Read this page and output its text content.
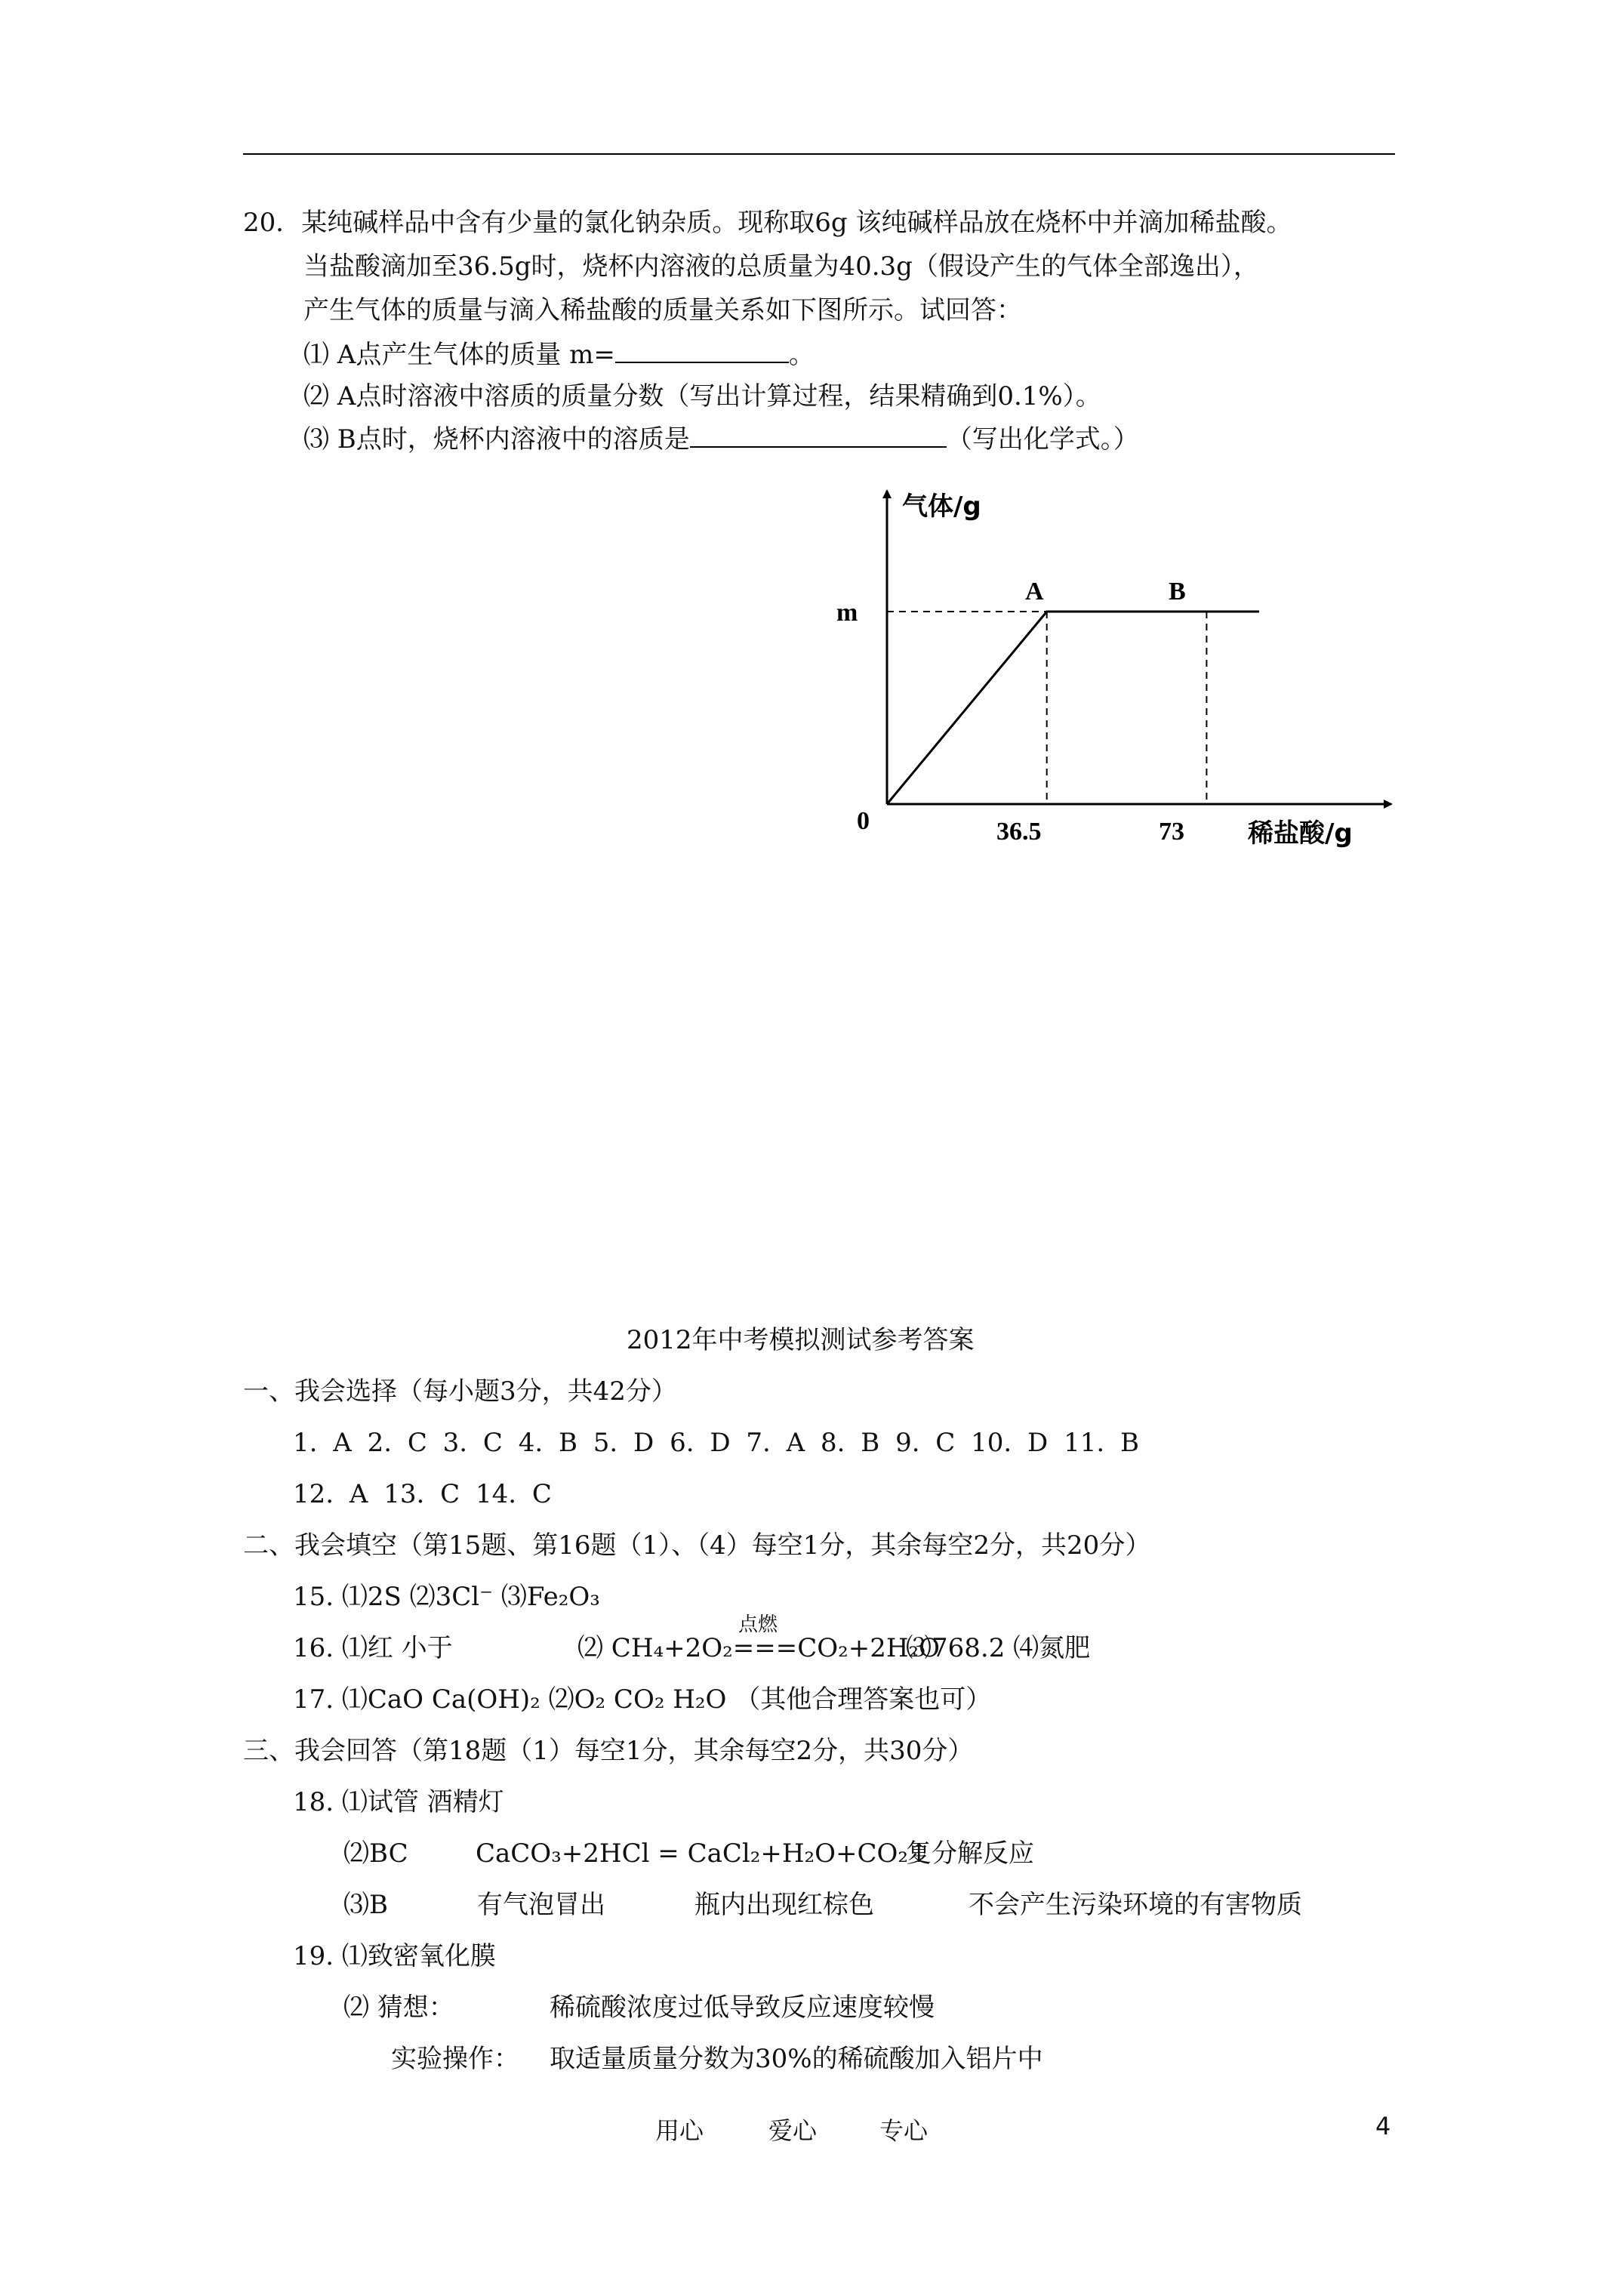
20．某纯碱样品中含有少量的氯化钠杂质。现称取6g 该纯碱样品放在烧杯中并滴加稀盐酸。
当盐酸滴加至36.5g时，烧杯内溶液的总质量为40.3g（假设产生的气体全部逸出），
产生气体的质量与滴入稀盐酸的质量关系如下图所示。试回答：
⑴ A点产生气体的质量 m=	。
⑵ A点时溶液中溶质的质量分数（写出计算过程，结果精确到0.1%）。
⑶ B点时，烧杯内溶液中的溶质是	（写出化学式。）
气体/g
稀盐酸/g
0
m
36.5	73
A	B
2012年中考模拟测试参考答案
一、我会选择（每小题3分，共42分）
1. A 2. C 3. C 4. B 5. D 6. D 7. A 8. B 9. C 10. D 11. B
12. A 13. C 14. C
二、我会填空（第15题、第16题（1）、（4）每空1分，其余每空2分，共20分）
15. ⑴2S ⑵3Cl⁻ ⑶Fe₂O₃
16. ⑴红 小于
点燃
⑵ CH₄+2O₂===CO₂+2H₂O
⑶768.2 ⑷氮肥
17. ⑴CaO Ca(OH)₂ ⑵O₂ CO₂ H₂O （其他合理答案也可）
三、我会回答（第18题（1）每空1分，其余每空2分，共30分）
18. ⑴试管 酒精灯
⑵BC	CaCO₃+2HCl = CaCl₂+H₂O+CO₂↑
复分解反应
⑶B	有气泡冒出	瓶内出现红棕色	不会产生污染环境的有害物质
19. ⑴致密氧化膜
⑵ 猜想：	稀硫酸浓度过低导致反应速度较慢
实验操作： 取适量质量分数为30%的稀硫酸加入铝片中
用心	爱心	专心	4
